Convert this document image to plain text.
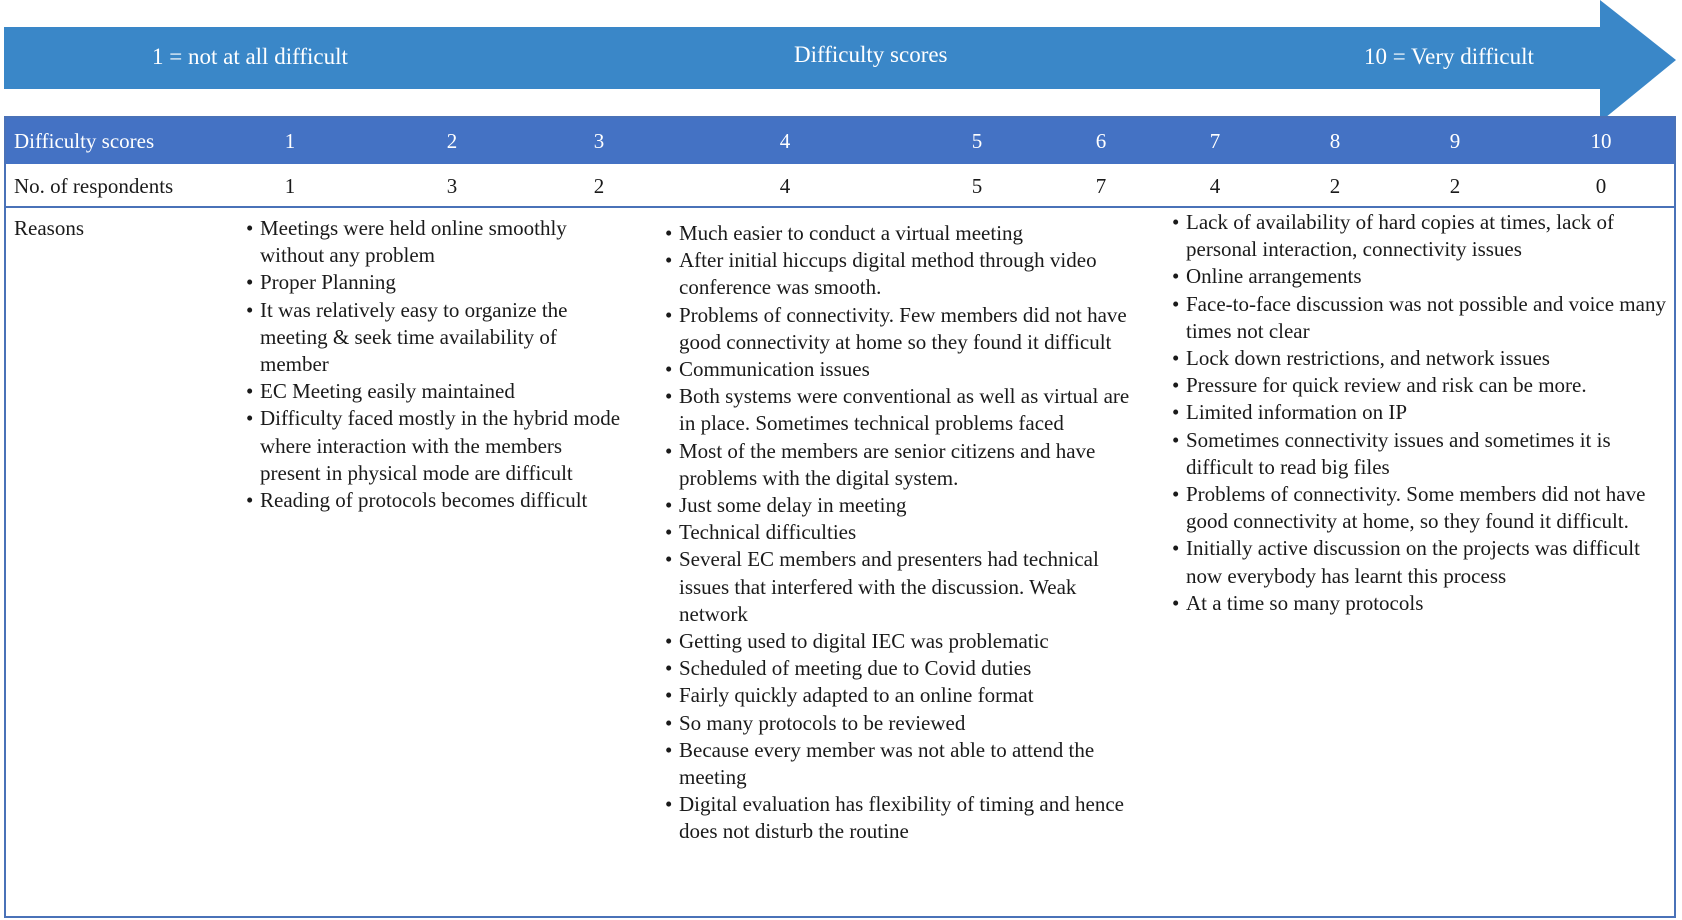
1 = not at all difficult	Difficulty scores	10 = Very difficult
Difficulty scores	1	2	3	4	5	6	7	8	9	10
No. of respondents	1	3	2	4	5	7	4	2	2	0
Reasons
•	Meetings were held online smoothly without any problem
• Proper Planning
• It was relatively easy to organize the meeting & seek time availability of member
• EC Meeting easily maintained
• Difficulty faced mostly in the hybrid mode where interaction with the members present in physical mode are difficult
• Reading of protocols becomes difficult
• Much easier to conduct a virtual meeting
• After initial hiccups digital method through video conference was smooth.
• Problems of connectivity. Few members did not have good connectivity at home so they found it difficult
• Communication issues
• Both systems were conventional as well as virtual are in place. Sometimes technical problems faced
• Most of the members are senior citizens and have problems with the digital system.
• Just some delay in meeting
• Technical difficulties
• Several EC members and presenters had technical issues that interfered with the discussion. Weak network
• Getting used to digital IEC was problematic
• Scheduled of meeting due to Covid duties
• Fairly quickly adapted to an online format
• So many protocols to be reviewed
• Because every member was not able to attend the meeting
• Digital evaluation has flexibility of timing and hence does not disturb the routine
• Lack of availability of hard copies at times, lack of personal interaction, connectivity issues
• Online arrangements
• Face-to-face discussion was not possible and voice many times not clear
• Lock down restrictions, and network issues
• Pressure for quick review and risk can be more.
• Limited information on IP
• Sometimes connectivity issues and sometimes it is difficult to read big files
• Problems of connectivity. Some members did not have good connectivity at home, so they found it difficult.
• Initially active discussion on the projects was difficult now everybody has learnt this process
• At a time so many protocols
